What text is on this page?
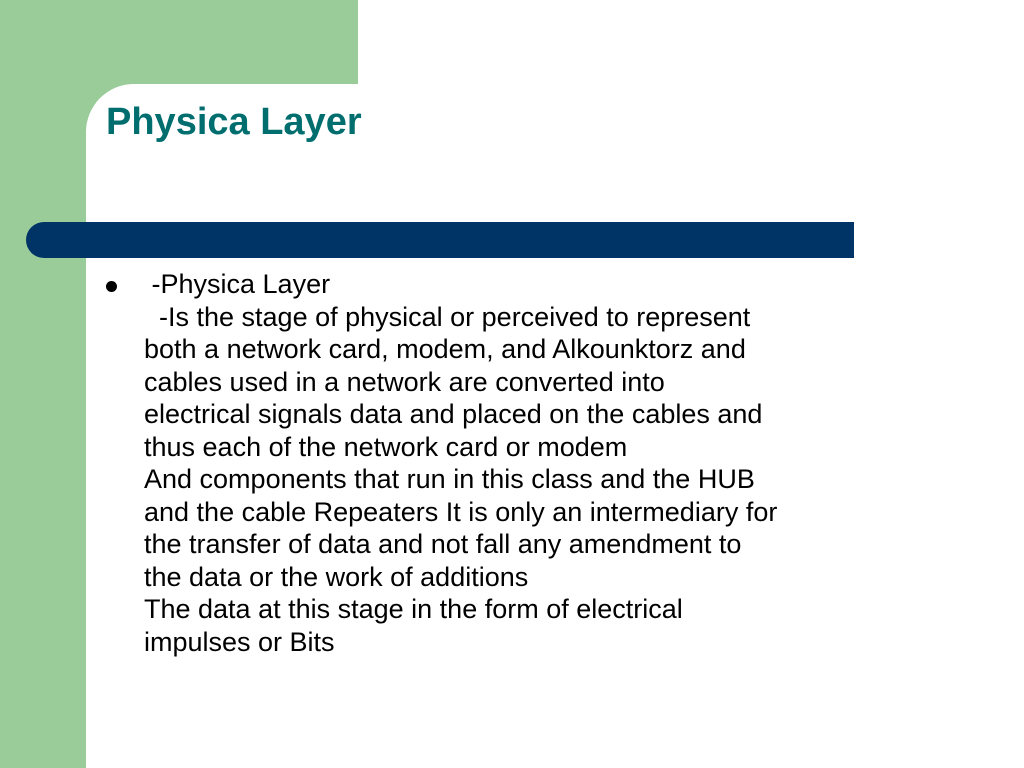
Physica Layer
-Physica Layer
-Is the stage of physical or perceived to represent
both a network card, modem, and Alkounktorz and
cables used in a network are converted into
electrical signals data and placed on the cables and
thus each of the network card or modem
And components that run in this class and the HUB
and the cable Repeaters It is only an intermediary for
the transfer of data and not fall any amendment to
the data or the work of additions
The data at this stage in the form of electrical
impulses or Bits
